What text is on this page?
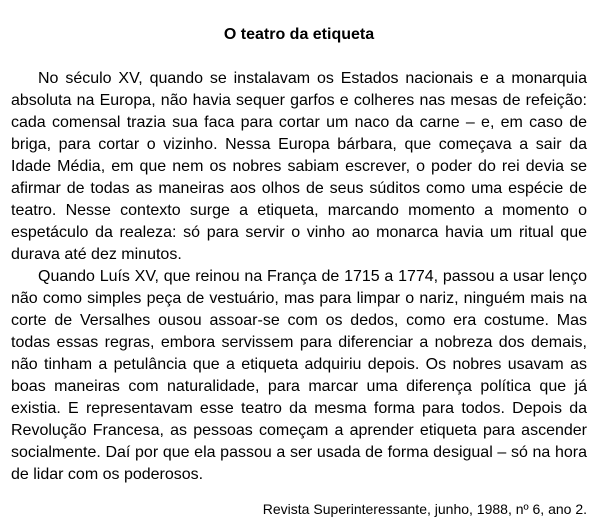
O teatro da etiqueta

No século XV, quando se instalavam os Estados nacionais e a monarquia absoluta na Europa, não havia sequer garfos e colheres nas mesas de refeição: cada comensal trazia sua faca para cortar um naco da carne – e, em caso de briga, para cortar o vizinho. Nessa Europa bárbara, que começava a sair da Idade Média, em que nem os nobres sabiam escrever, o poder do rei devia se afirmar de todas as maneiras aos olhos de seus súditos como uma espécie de teatro. Nesse contexto surge a etiqueta, marcando momento a momento o espetáculo da realeza: só para servir o vinho ao monarca havia um ritual que durava até dez minutos.

Quando Luís XV, que reinou na França de 1715 a 1774, passou a usar lenço não como simples peça de vestuário, mas para limpar o nariz, ninguém mais na corte de Versalhes ousou assoar-se com os dedos, como era costume. Mas todas essas regras, embora servissem para diferenciar a nobreza dos demais, não tinham a petulância que a etiqueta adquiriu depois. Os nobres usavam as boas maneiras com naturalidade, para marcar uma diferença política que já existia. E representavam esse teatro da mesma forma para todos. Depois da Revolução Francesa, as pessoas começam a aprender etiqueta para ascender socialmente. Daí por que ela passou a ser usada de forma desigual – só na hora de lidar com os poderosos.

Revista Superinteressante, junho, 1988, nº 6, ano 2.
